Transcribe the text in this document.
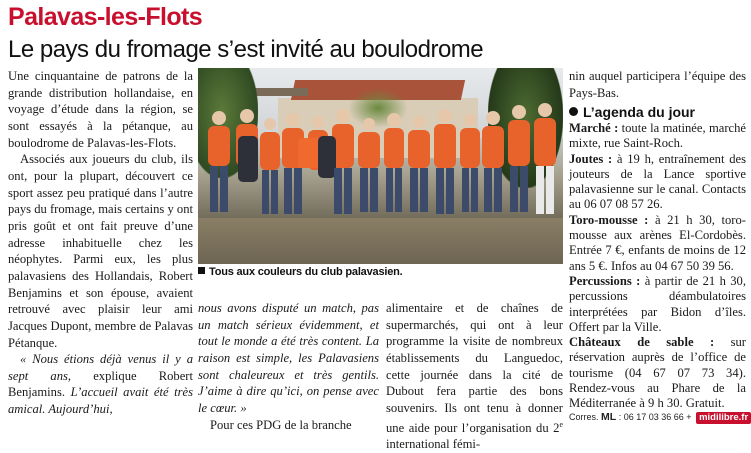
Palavas-les-Flots
Le pays du fromage s’est invité au boulodrome

Une cinquantaine de patrons de la grande distribution hollandaise, en voyage d’étude dans la région, se sont essayés à la pétanque, au boulodrome de Palavas-les-Flots.

Associés aux joueurs du club, ils ont, pour la plupart, découvert ce sport assez peu pratiqué dans l’autre pays du fromage, mais certains y ont pris goût et ont fait preuve d’une adresse inhabituelle chez les néophytes. Parmi eux, les plus palavasiens des Hollandais, Robert Benjamins et son épouse, avaient retrouvé avec plaisir leur ami Jacques Dupont, membre de Palavas Pétanque.

« Nous étions déjà venus il y a sept ans, explique Robert Benjamins. L’accueil avait été très amical. Aujourd’hui,

Tous aux couleurs du club palavasien.

nous avons disputé un match, pas un match sérieux évidemment, et tout le monde a été très content. La raison est simple, les Palavasiens sont chaleureux et très gentils. J’aime à dire qu’ici, on pense avec le cœur. »

Pour ces PDG de la branche

alimentaire et de chaînes de supermarchés, qui ont à leur programme la visite de nombreux établissements du Languedoc, cette journée dans la cité de Dubout fera partie des bons souvenirs. Ils ont tenu à donner une aide pour l’organisation du 2e international fémi-

nin auquel participera l’équipe des Pays-Bas.

L’agenda du jour

Marché : toute la matinée, marché mixte, rue Saint-Roch.

Joutes : à 19 h, entraînement des jouteurs de la Lance sportive palavasienne sur le canal. Contacts au 06 07 08 57 26.

Toro-mousse : à 21 h 30, toro-mousse aux arènes El-Cordobès. Entrée 7 €, enfants de moins de 12 ans 5 €. Infos au 04 67 50 39 56.

Percussions : à partir de 21 h 30, percussions déambulatoires interprétées par Bidon d’îles. Offert par la Ville.

Châteaux de sable : sur réservation auprès de l’office de tourisme (04 67 07 73 34). Rendez-vous au Phare de la Méditerranée à 9 h 30. Gratuit.

Corres. ML : 06 17 03 36 66 + midilibre.fr
